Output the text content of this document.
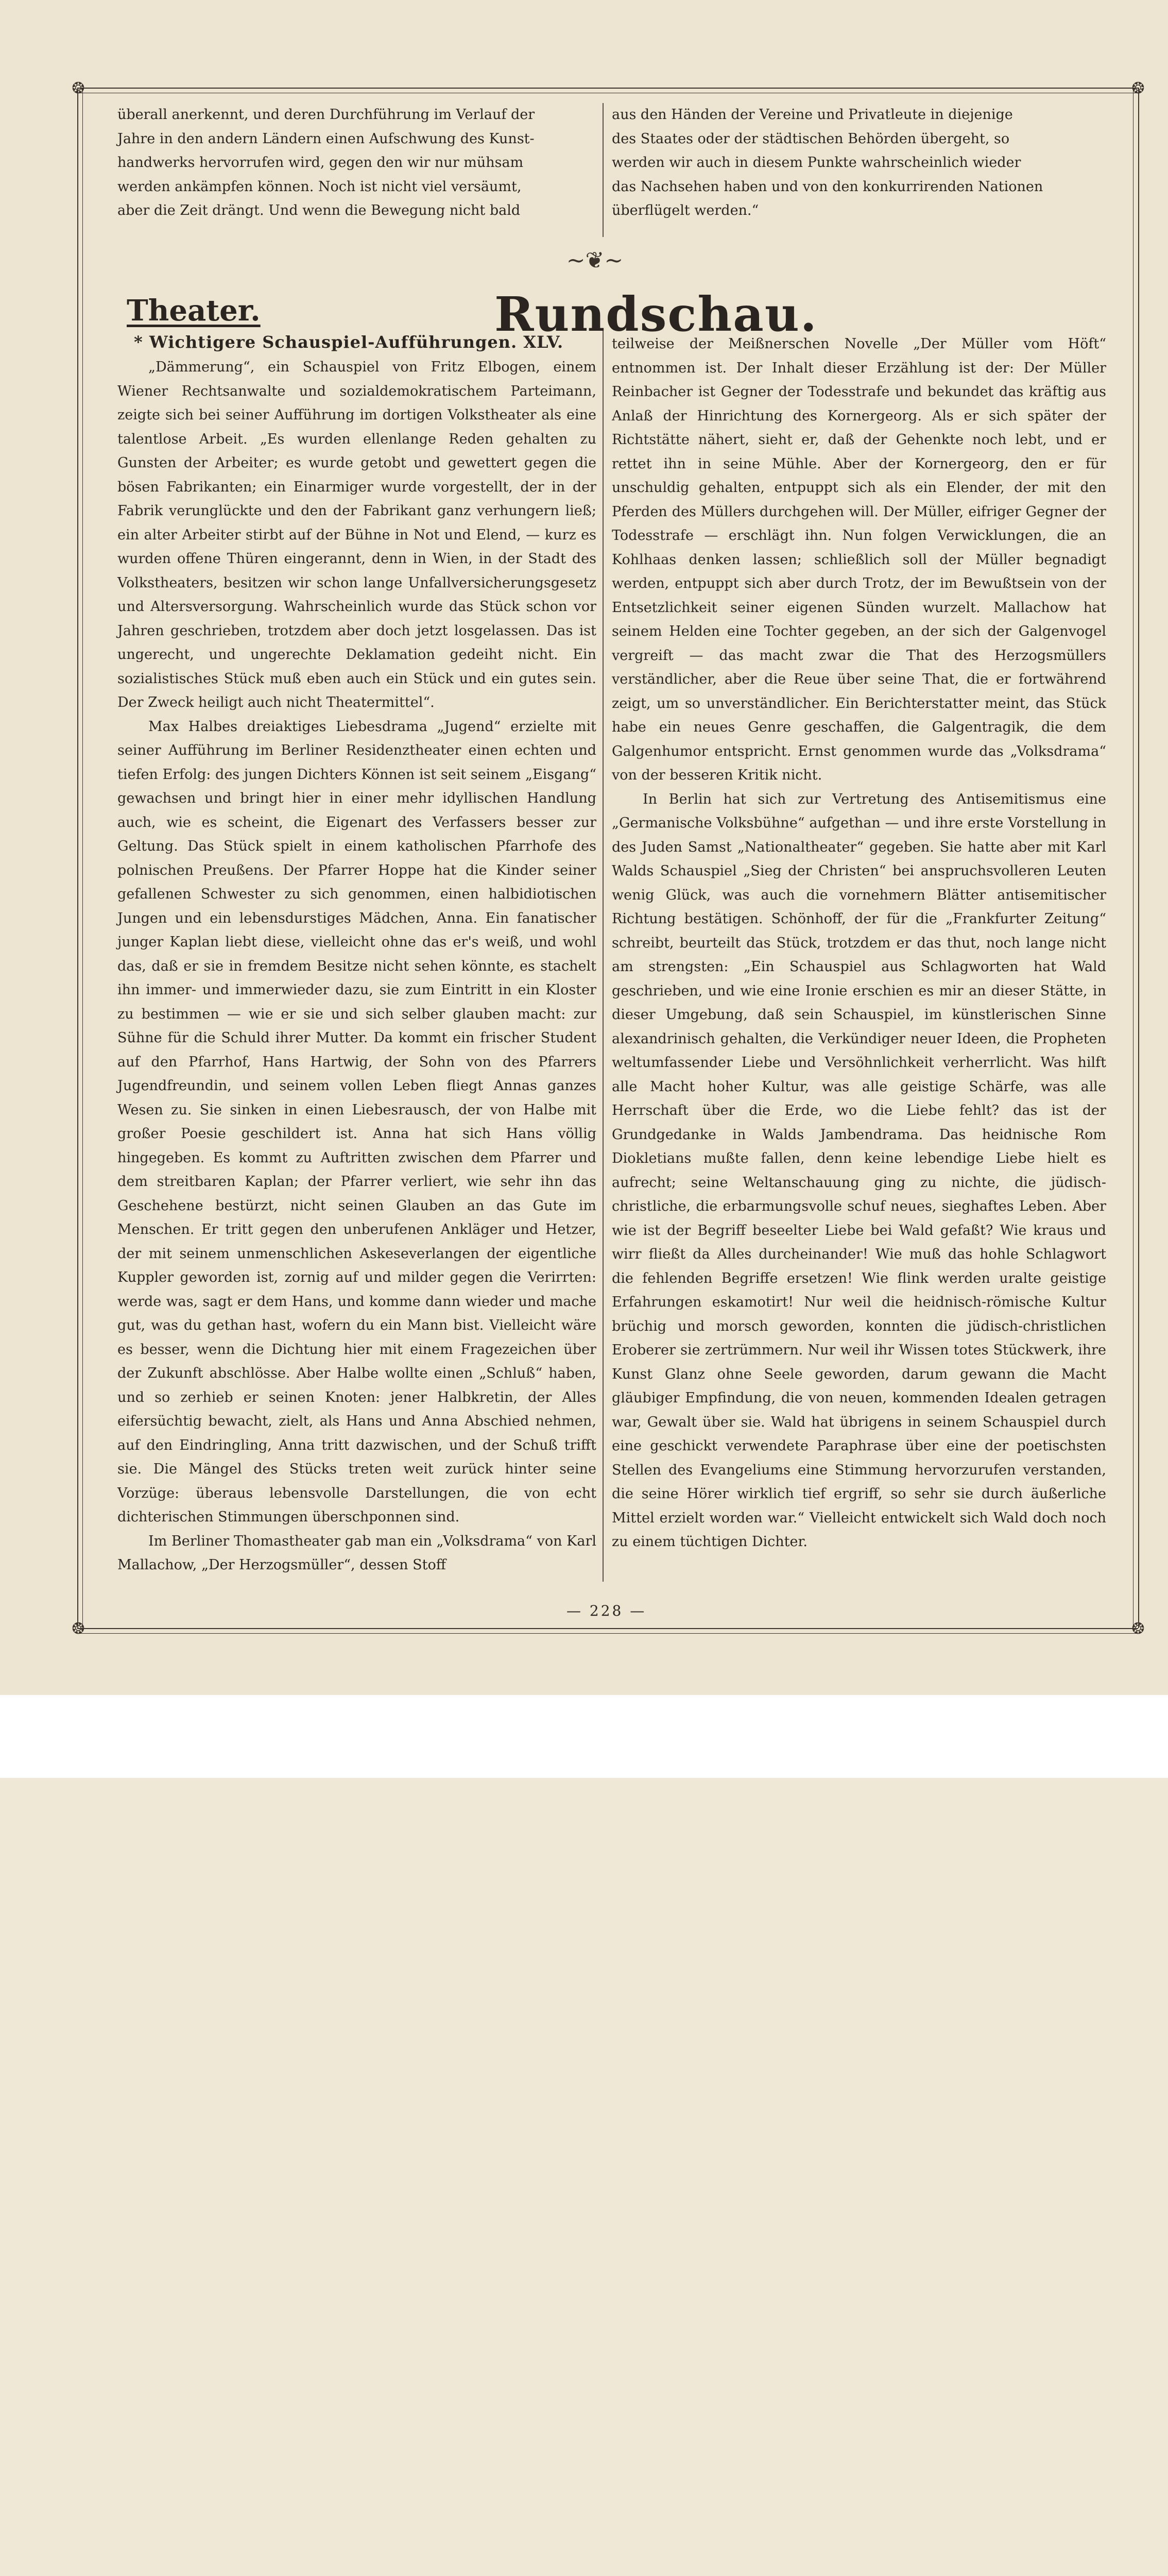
❂	❂
❂	❂
überall anerkennt, und deren Durchführung im Verlauf der
Jahre in den andern Ländern einen Aufschwung des Kunst-
handwerks hervorrufen wird, gegen den wir nur mühsam
werden ankämpfen können. Noch ist nicht viel versäumt,
aber die Zeit drängt. Und wenn die Bewegung nicht bald
aus den Händen der Vereine und Privatleute in diejenige
des Staates oder der städtischen Behörden übergeht, so
werden wir auch in diesem Punkte wahrscheinlich wieder
das Nachsehen haben und von den konkurrirenden Nationen
überflügelt werden.“
~❦~
Theater.	Rundschau.
* Wichtigere Schauspiel-Aufführungen. XLV.

„Dämmerung“, ein Schauspiel von Fritz Elbogen, einem Wiener Rechtsanwalte und sozialdemokratischem Parteimann, zeigte sich bei seiner Aufführung im dortigen Volkstheater als eine talentlose Arbeit. „Es wurden ellenlange Reden gehalten zu Gunsten der Arbeiter; es wurde getobt und gewettert gegen die bösen Fabrikanten; ein Einarmiger wurde vorgestellt, der in der Fabrik verunglückte und den der Fabrikant ganz verhungern ließ; ein alter Arbeiter stirbt auf der Bühne in Not und Elend, — kurz es wurden offene Thüren eingerannt, denn in Wien, in der Stadt des Volkstheaters, besitzen wir schon lange Unfallversicherungsgesetz und Altersversorgung. Wahrscheinlich wurde das Stück schon vor Jahren geschrieben, trotzdem aber doch jetzt losgelassen. Das ist ungerecht, und ungerechte Deklamation gedeiht nicht. Ein sozialistisches Stück muß eben auch ein Stück und ein gutes sein. Der Zweck heiligt auch nicht Theatermittel“.

Max Halbes dreiaktiges Liebesdrama „Jugend“ erzielte mit seiner Aufführung im Berliner Residenztheater einen echten und tiefen Erfolg: des jungen Dichters Können ist seit seinem „Eisgang“ gewachsen und bringt hier in einer mehr idyllischen Handlung auch, wie es scheint, die Eigenart des Verfassers besser zur Geltung. Das Stück spielt in einem katholischen Pfarrhofe des polnischen Preußens. Der Pfarrer Hoppe hat die Kinder seiner gefallenen Schwester zu sich genommen, einen halbidiotischen Jungen und ein lebensdurstiges Mädchen, Anna. Ein fanatischer junger Kaplan liebt diese, vielleicht ohne das er's weiß, und wohl das, daß er sie in fremdem Besitze nicht sehen könnte, es stachelt ihn immer- und immerwieder dazu, sie zum Eintritt in ein Kloster zu bestimmen — wie er sie und sich selber glauben macht: zur Sühne für die Schuld ihrer Mutter. Da kommt ein frischer Student auf den Pfarrhof, Hans Hartwig, der Sohn von des Pfarrers Jugendfreundin, und seinem vollen Leben fliegt Annas ganzes Wesen zu. Sie sinken in einen Liebesrausch, der von Halbe mit großer Poesie geschildert ist. Anna hat sich Hans völlig hingegeben. Es kommt zu Auftritten zwischen dem Pfarrer und dem streitbaren Kaplan; der Pfarrer verliert, wie sehr ihn das Geschehene bestürzt, nicht seinen Glauben an das Gute im Menschen. Er tritt gegen den unberufenen Ankläger und Hetzer, der mit seinem unmenschlichen Askeseverlangen der eigentliche Kuppler geworden ist, zornig auf und milder gegen die Verirrten: werde was, sagt er dem Hans, und komme dann wieder und mache gut, was du gethan hast, wofern du ein Mann bist. Vielleicht wäre es besser, wenn die Dichtung hier mit einem Fragezeichen über der Zukunft abschlösse. Aber Halbe wollte einen „Schluß“ haben, und so zerhieb er seinen Knoten: jener Halbkretin, der Alles eifersüchtig bewacht, zielt, als Hans und Anna Abschied nehmen, auf den Eindringling, Anna tritt dazwischen, und der Schuß trifft sie. Die Mängel des Stücks treten weit zurück hinter seine Vorzüge: überaus lebensvolle Darstellungen, die von echt dichterischen Stimmungen überschponnen sind.

Im Berliner Thomastheater gab man ein „Volksdrama“ von Karl Mallachow, „Der Herzogsmüller“, dessen Stoff

teilweise der Meißnerschen Novelle „Der Müller vom Höft“ entnommen ist. Der Inhalt dieser Erzählung ist der: Der Müller Reinbacher ist Gegner der Todesstrafe und bekundet das kräftig aus Anlaß der Hinrichtung des Kornergeorg. Als er sich später der Richtstätte nähert, sieht er, daß der Gehenkte noch lebt, und er rettet ihn in seine Mühle. Aber der Kornergeorg, den er für unschuldig gehalten, entpuppt sich als ein Elender, der mit den Pferden des Müllers durchgehen will. Der Müller, eifriger Gegner der Todesstrafe — erschlägt ihn. Nun folgen Verwicklungen, die an Kohlhaas denken lassen; schließlich soll der Müller begnadigt werden, entpuppt sich aber durch Trotz, der im Bewußtsein von der Entsetzlichkeit seiner eigenen Sünden wurzelt. Mallachow hat seinem Helden eine Tochter gegeben, an der sich der Galgenvogel vergreift — das macht zwar die That des Herzogsmüllers verständlicher, aber die Reue über seine That, die er fortwährend zeigt, um so unverständlicher. Ein Berichterstatter meint, das Stück habe ein neues Genre geschaffen, die Galgentragik, die dem Galgenhumor entspricht. Ernst genommen wurde das „Volksdrama“ von der besseren Kritik nicht.

In Berlin hat sich zur Vertretung des Antisemitismus eine „Germanische Volksbühne“ aufgethan — und ihre erste Vorstellung in des Juden Samst „Nationaltheater“ gegeben. Sie hatte aber mit Karl Walds Schauspiel „Sieg der Christen“ bei anspruchsvolleren Leuten wenig Glück, was auch die vornehmern Blätter antisemitischer Richtung bestätigen. Schönhoff, der für die „Frankfurter Zeitung“ schreibt, beurteilt das Stück, trotzdem er das thut, noch lange nicht am strengsten: „Ein Schauspiel aus Schlagworten hat Wald geschrieben, und wie eine Ironie erschien es mir an dieser Stätte, in dieser Umgebung, daß sein Schauspiel, im künstlerischen Sinne alexandrinisch gehalten, die Verkündiger neuer Ideen, die Propheten weltumfassender Liebe und Versöhnlichkeit verherrlicht. Was hilft alle Macht hoher Kultur, was alle geistige Schärfe, was alle Herrschaft über die Erde, wo die Liebe fehlt? das ist der Grundgedanke in Walds Jambendrama. Das heidnische Rom Diokletians mußte fallen, denn keine lebendige Liebe hielt es aufrecht; seine Weltanschauung ging zu nichte, die jüdisch-christliche, die erbarmungsvolle schuf neues, sieghaftes Leben. Aber wie ist der Begriff beseelter Liebe bei Wald gefaßt? Wie kraus und wirr fließt da Alles durcheinander! Wie muß das hohle Schlagwort die fehlenden Begriffe ersetzen! Wie flink werden uralte geistige Erfahrungen eskamotirt! Nur weil die heidnisch-römische Kultur brüchig und morsch geworden, konnten die jüdisch-christlichen Eroberer sie zertrümmern. Nur weil ihr Wissen totes Stückwerk, ihre Kunst Glanz ohne Seele geworden, darum gewann die Macht gläubiger Empfindung, die von neuen, kommenden Idealen getragen war, Gewalt über sie. Wald hat übrigens in seinem Schauspiel durch eine geschickt verwendete Paraphrase über eine der poetischsten Stellen des Evangeliums eine Stimmung hervorzurufen verstanden, die seine Hörer wirklich tief ergriff, so sehr sie durch äußerliche Mittel erzielt worden war.“ Vielleicht entwickelt sich Wald doch noch zu einem tüchtigen Dichter.

— 228 —
